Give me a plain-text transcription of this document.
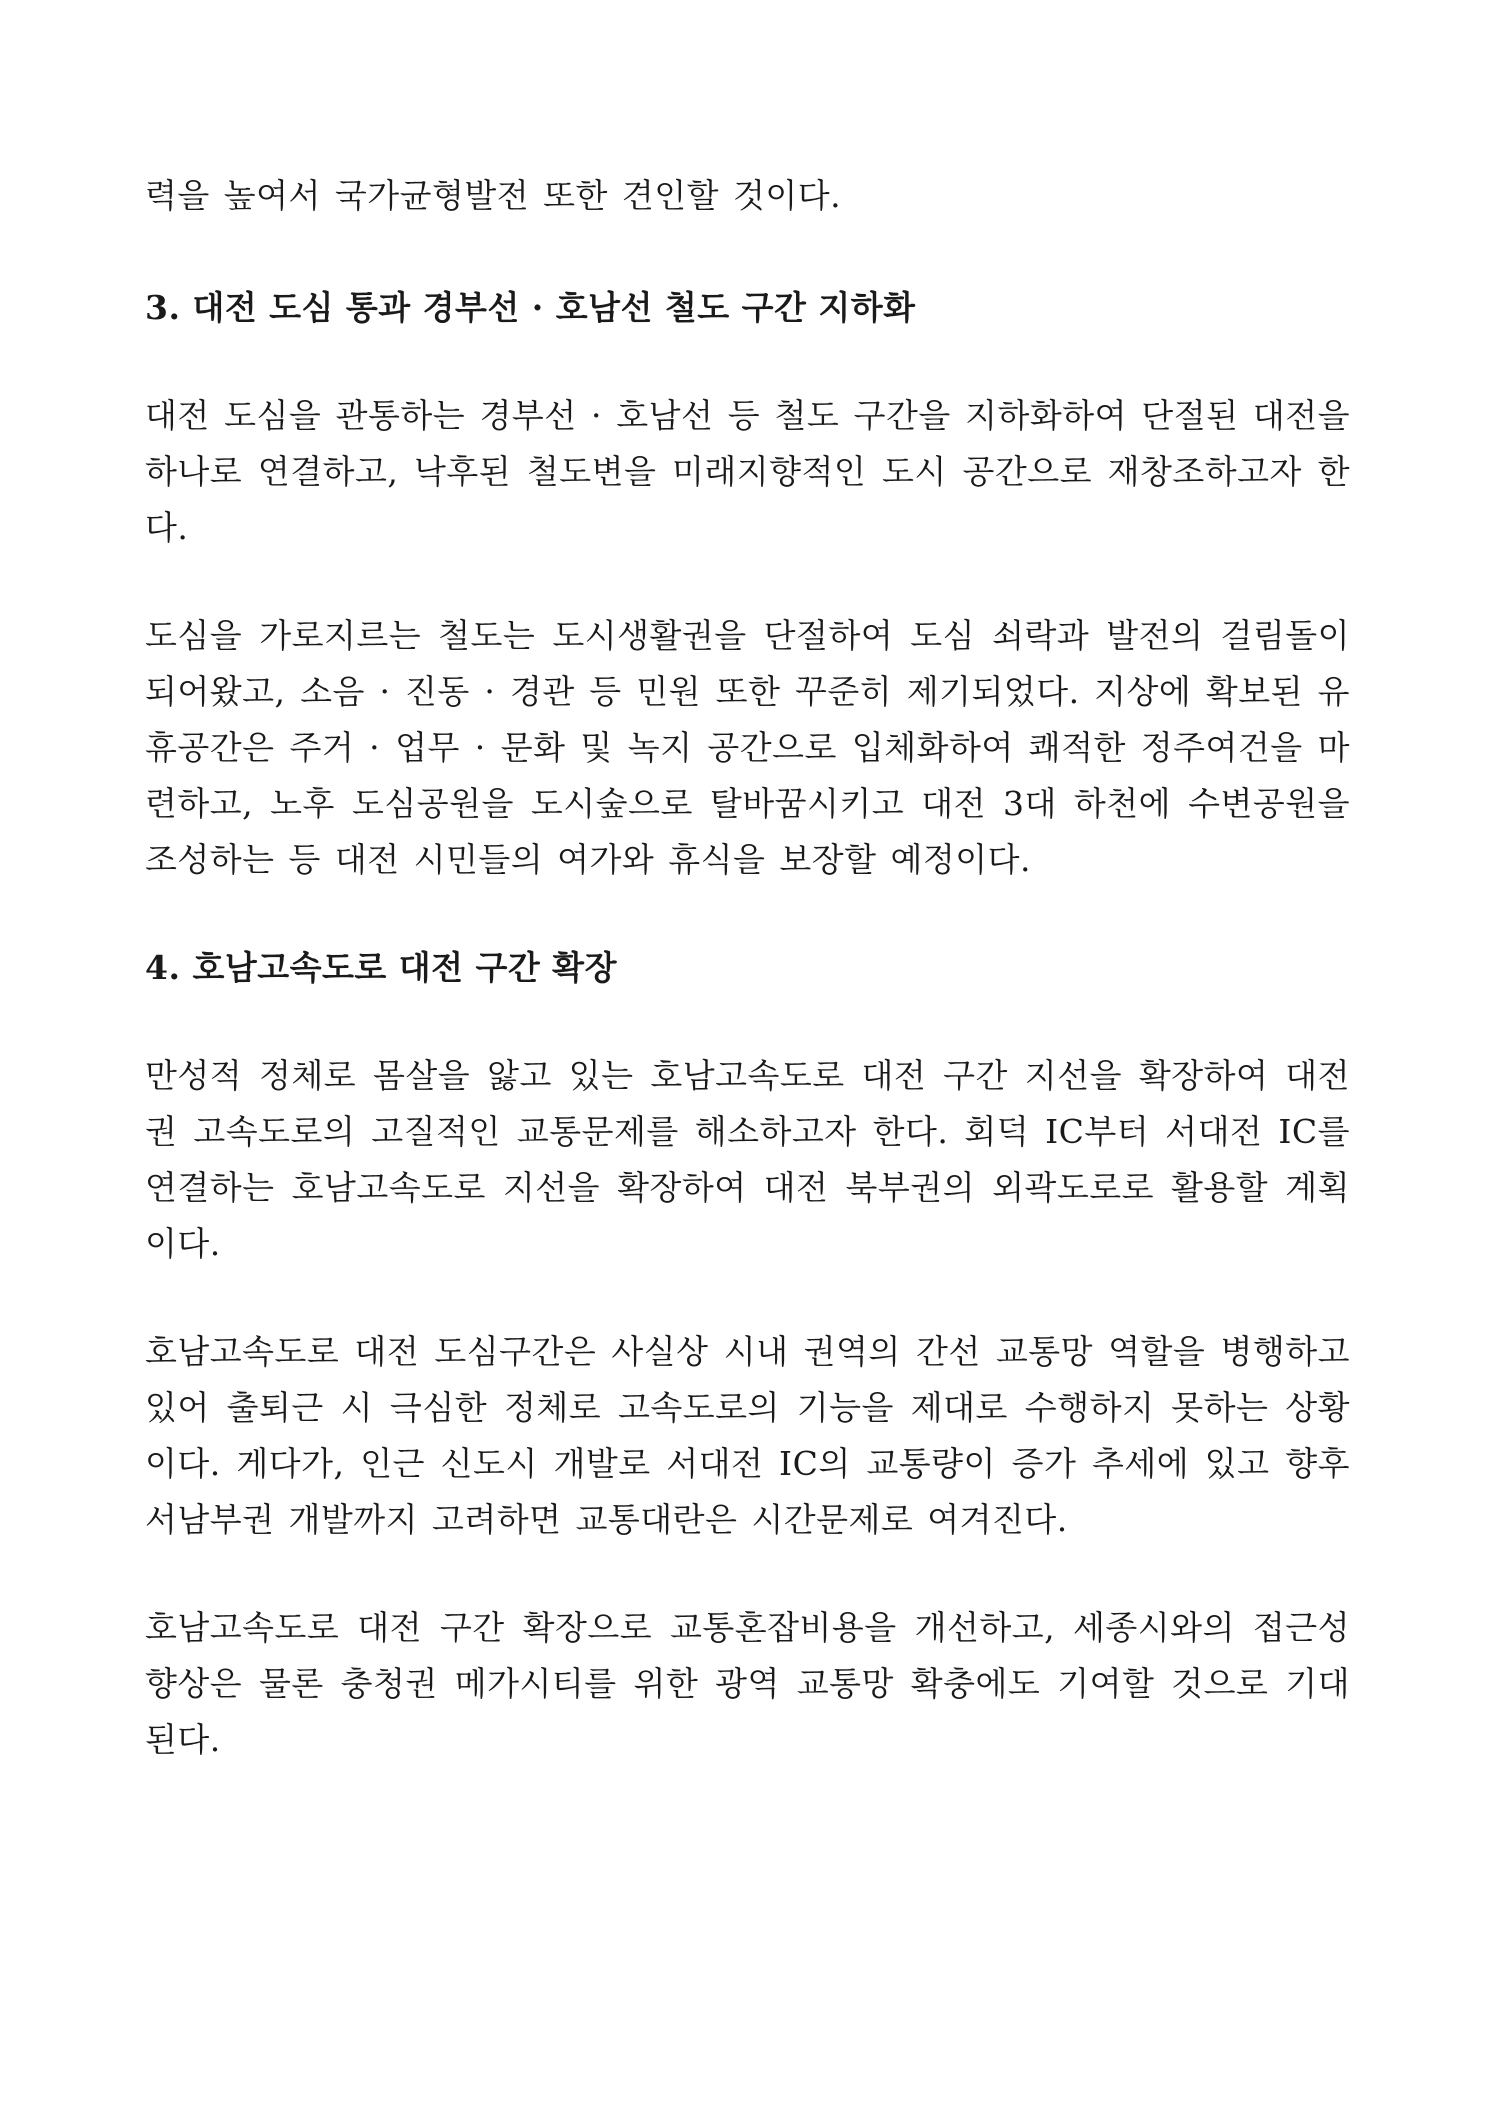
력을 높여서 국가균형발전 또한 견인할 것이다.

3. 대전 도심 통과 경부선 · 호남선 철도 구간 지하화

대전 도심을 관통하는 경부선 · 호남선 등 철도 구간을 지하화하여 단절된 대전을 하나로 연결하고, 낙후된 철도변을 미래지향적인 도시 공간으로 재창조하고자 한다.

도심을 가로지르는 철도는 도시생활권을 단절하여 도심 쇠락과 발전의 걸림돌이 되어왔고, 소음 · 진동 · 경관 등 민원 또한 꾸준히 제기되었다. 지상에 확보된 유휴공간은 주거 · 업무 · 문화 및 녹지 공간으로 입체화하여 쾌적한 정주여건을 마련하고, 노후 도심공원을 도시숲으로 탈바꿈시키고 대전 3대 하천에 수변공원을 조성하는 등 대전 시민들의 여가와 휴식을 보장할 예정이다.

4. 호남고속도로 대전 구간 확장

만성적 정체로 몸살을 앓고 있는 호남고속도로 대전 구간 지선을 확장하여 대전권 고속도로의 고질적인 교통문제를 해소하고자 한다. 회덕 IC부터 서대전 IC를 연결하는 호남고속도로 지선을 확장하여 대전 북부권의 외곽도로로 활용할 계획이다.

호남고속도로 대전 도심구간은 사실상 시내 권역의 간선 교통망 역할을 병행하고 있어 출퇴근 시 극심한 정체로 고속도로의 기능을 제대로 수행하지 못하는 상황이다. 게다가, 인근 신도시 개발로 서대전 IC의 교통량이 증가 추세에 있고 향후 서남부권 개발까지 고려하면 교통대란은 시간문제로 여겨진다.

호남고속도로 대전 구간 확장으로 교통혼잡비용을 개선하고, 세종시와의 접근성 향상은 물론 충청권 메가시티를 위한 광역 교통망 확충에도 기여할 것으로 기대된다.
